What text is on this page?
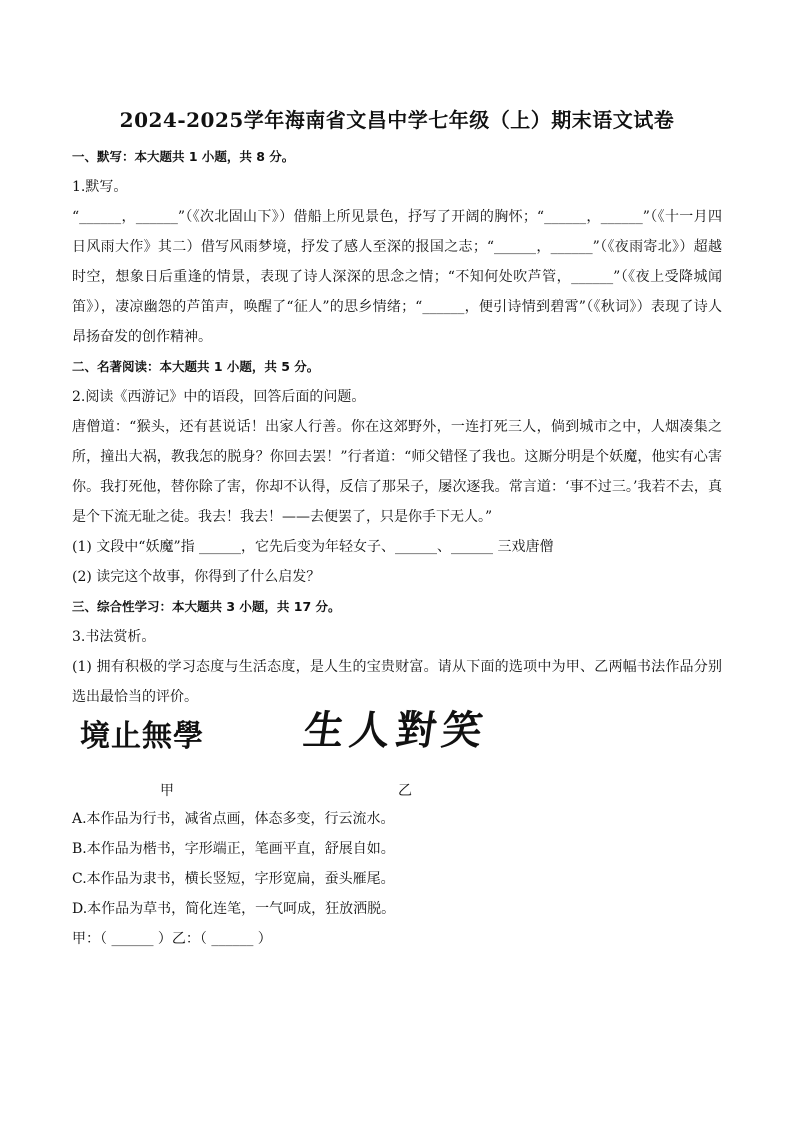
2024-2025学年海南省文昌中学七年级（上）期末语文试卷
一、默写：本大题共 1 小题，共 8 分。
1.默写。
“______，______”（《次北固山下》）借船上所见景色，抒写了开阔的胸怀；“______，______”（《十一月四日风雨大作》其二）借写风雨梦境，抒发了感人至深的报国之志；“______，______”（《夜雨寄北》）超越时空，想象日后重逢的情景，表现了诗人深深的思念之情；“不知何处吹芦管，______”（《夜上受降城闻笛》），凄凉幽怨的芦笛声，唤醒了“征人”的思乡情绪；“______，便引诗情到碧霄”（《秋词》）表现了诗人昂扬奋发的创作精神。
二、名著阅读：本大题共 1 小题，共 5 分。
2.阅读《西游记》中的语段，回答后面的问题。
唐僧道：“猴头，还有甚说话！出家人行善。你在这郊野外，一连打死三人，倘到城市之中，人烟凑集之所，撞出大祸，教我怎的脱身？你回去罢！”行者道：“师父错怪了我也。这厮分明是个妖魔，他实有心害你。我打死他，替你除了害，你却不认得，反信了那呆子，屡次逐我。常言道：‘事不过三。’我若不去，真是个下流无耻之徒。我去！我去！——去便罢了，只是你手下无人。”
(1) 文段中“妖魔”指 ______，它先后变为年轻女子、______、______ 三戏唐僧
(2) 读完这个故事，你得到了什么启发？
三、综合性学习：本大题共 3 小题，共 17 分。
3.书法赏析。
(1) 拥有积极的学习态度与生活态度，是人生的宝贵财富。请从下面的选项中为甲、乙两幅书法作品分别选出最恰当的评价。
境止無學 生人對笑
甲	乙
A.本作品为行书，减省点画，体态多变，行云流水。
B.本作品为楷书，字形端正，笔画平直，舒展自如。
C.本作品为隶书，横长竖短，字形宽扁，蚕头雁尾。
D.本作品为草书，简化连笔，一气呵成，狂放洒脱。
甲：（ ______ ）乙：（ ______ ）
